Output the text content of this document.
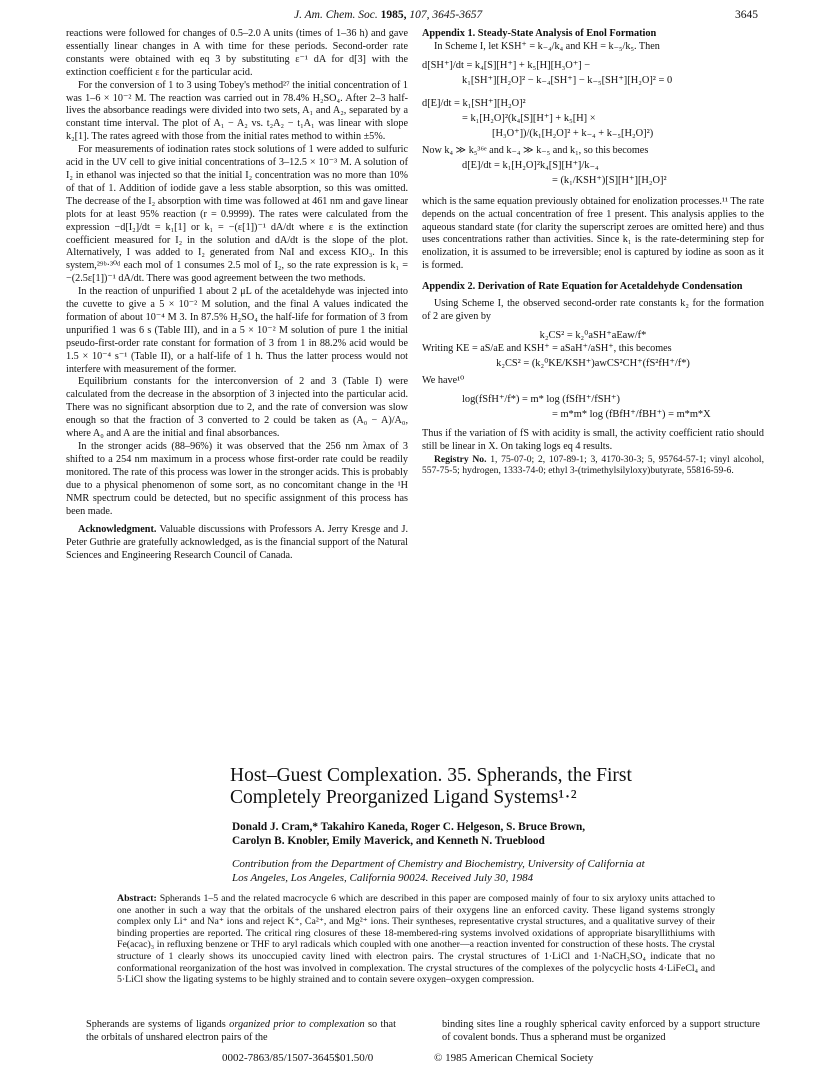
J. Am. Chem. Soc. 1985, 107, 3645-3657	3645

reactions were followed for changes of 0.5–2.0 A units (times of 1–36 h) and gave essentially linear changes in A with time for these periods. Second-order rate constants were obtained with eq 3 by substituting ε⁻¹ dA for d[3] with the extinction coefficient ε for the particular acid.

For the conversion of 1 to 3 using Tobey's method²⁷ the initial concentration of 1 was 1–6 × 10⁻² M. The reaction was carried out in 78.4% H₂SO₄. After 2–3 half-lives the absorbance readings were divided into two sets, A₁ and A₂, separated by a constant time interval. The plot of A₁ − A₂ vs. t₂A₂ − t₁A₁ was linear with slope k₂[1]. The rates agreed with those from the initial rates method to within ±5%.

For measurements of iodination rates stock solutions of 1 were added to sulfuric acid in the UV cell to give initial concentrations of 3–12.5 × 10⁻³ M. A solution of I₂ in ethanol was injected so that the initial I₂ concentration was no more than 10% of that of 1. Addition of iodide gave a less stable absorption, so this was omitted. The decrease of the I₂ absorption with time was followed at 461 nm and gave linear plots for at least 95% reaction (r = 0.9999). The rates were calculated from the expression −d[I₂]/dt = k₁[1] or k₁ = −(ε[1])⁻¹ dA/dt where ε is the extinction coefficient measured for I₂ in the solution and dA/dt is the slope of the plot. Alternatively, I was added to I₂ generated from NaI and excess KIO₃. In this system,²⁹ᵇ·³⁰ᵈ each mol of 1 consumes 2.5 mol of I₂, so the rate expression is k₁ = −(2.5ε[1])⁻¹ dA/dt. There was good agreement between the two methods.

In the reaction of unpurified 1 about 2 μL of the acetaldehyde was injected into the cuvette to give a 5 × 10⁻² M solution, and the final A values indicated the formation of about 10⁻⁴ M 3. In 87.5% H₂SO₄ the half-life for formation of 3 from unpurified 1 was 6 s (Table III), and in a 5 × 10⁻² M solution of pure 1 the initial pseudo-first-order rate constant for formation of 3 from 1 in 88.2% acid would be 1.5 × 10⁻⁴ s⁻¹ (Table II), or a half-life of 1 h. Thus the latter process would not interfere with measurement of the former.

Equilibrium constants for the interconversion of 2 and 3 (Table I) were calculated from the decrease in the absorption of 3 injected into the particular acid. There was no significant absorption due to 2, and the rate of conversion was slow enough so that the fraction of 3 converted to 2 could be taken as (A₀ − A)/A₀, where A₀ and A are the initial and final absorbances.

In the stronger acids (88–96%) it was observed that the 256 nm λmax of 3 shifted to a 254 nm maximum in a process whose first-order rate could be readily monitored. The rate of this process was lower in the stronger acids. This is probably due to a physical phenomenon of some sort, as no concomitant change in the ¹H NMR spectrum could be detected, but no specific assignment of this process has been made.

Acknowledgment. Valuable discussions with Professors A. Jerry Kresge and J. Peter Guthrie are gratefully acknowledged, as is the financial support of the Natural Sciences and Engineering Research Council of Canada.

Appendix 1. Steady-State Analysis of Enol Formation

In Scheme I, let KSH⁺ = k₋₄/k₄ and KH = k₋₅/k₅. Then

d[SH⁺]/dt = k₄[S][H⁺] + k₅[H][H₃O⁺] −
k₁[SH⁺][H₂O]² − k₋₄[SH⁺] − k₋₅[SH⁺][H₂O]² = 0
d[E]/dt = k₁[SH⁺][H₂O]²
= k₁[H₂O]²(k₄[S][H⁺] + k₅[H] ×
[H₃O⁺])/(k₁[H₂O]² + k₋₄ + k₋₅[H₂O]²)

Now k₄ ≫ k₅³⁶ᵉ and k₋₄ ≫ k₋₅ and k₁, so this becomes

d[E]/dt = k₁[H₂O]²k₄[S][H⁺]/k₋₄
= (k₁/KSH⁺)[S][H⁺][H₂O]²

which is the same equation previously obtained for enolization processes.¹¹ The rate depends on the actual concentration of free 1 present. This analysis applies to the aqueous standard state (for clarity the superscript zeroes are omitted here) and thus uses concentrations rather than activities. Since k₁ is the rate-determining step for enolization, it is assumed to be irreversible; enol is captured by iodine as soon as it is formed.

Appendix 2. Derivation of Rate Equation for Acetaldehyde Condensation

Using Scheme I, the observed second-order rate constants k₂ for the formation of 2 are given by

k₂CS² = k₂⁰aSH⁺aEaw/f*

Writing KE = aS/aE and KSH⁺ = aSaH⁺/aSH⁺, this becomes

k₂CS² = (k₂⁰KE/KSH⁺)awCS²CH⁺(fS²fH⁺/f*)

We have¹⁰

log(fSfH⁺/f*) = m* log (fSfH⁺/fSH⁺)
= m*m* log (fBfH⁺/fBH⁺) = m*m*X

Thus if the variation of fS with acidity is small, the activity coefficient ratio should still be linear in X. On taking logs eq 4 results.

Registry No. 1, 75-07-0; 2, 107-89-1; 3, 4170-30-3; 5, 95764-57-1; vinyl alcohol, 557-75-5; hydrogen, 1333-74-0; ethyl 3-(trimethylsilyloxy)butyrate, 55816-59-6.

Host–Guest Complexation. 35. Spherands, the First
Completely Preorganized Ligand Systems¹·²
Donald J. Cram,* Takahiro Kaneda, Roger C. Helgeson, S. Bruce Brown,
Carolyn B. Knobler, Emily Maverick, and Kenneth N. Trueblood
Contribution from the Department of Chemistry and Biochemistry, University of California at
Los Angeles, Los Angeles, California 90024. Received July 30, 1984
Abstract: Spherands 1–5 and the related macrocycle 6 which are described in this paper are composed mainly of four to six aryloxy units attached to one another in such a way that the orbitals of the unshared electron pairs of their oxygens line an enforced cavity. These ligand systems strongly complex only Li⁺ and Na⁺ ions and reject K⁺, Ca²⁺, and Mg²⁺ ions. Their syntheses, representative crystal structures, and a qualitative survey of their binding properties are reported. The critical ring closures of these 18-membered-ring systems involved oxidations of appropriate bisaryllithiums with Fe(acac)₃ in refluxing benzene or THF to aryl radicals which coupled with one another—a reaction invented for construction of these hosts. The crystal structure of 1 clearly shows its unoccupied cavity lined with electron pairs. The crystal structures of 1·LiCl and 1·NaCH₃SO₄ indicate that no conformational reorganization of the host was involved in complexation. The crystal structures of the complexes of the polycyclic hosts 4·LiFeCl₄ and 5·LiCl show the ligating systems to be highly strained and to contain severe oxygen–oxygen compression.
Spherands are systems of ligands organized prior to complexation so that the orbitals of unshared electron pairs of the
binding sites line a roughly spherical cavity enforced by a support structure of covalent bonds. Thus a spherand must be organized
0002-7863/85/1507-3645$01.50/0	© 1985 American Chemical Society
